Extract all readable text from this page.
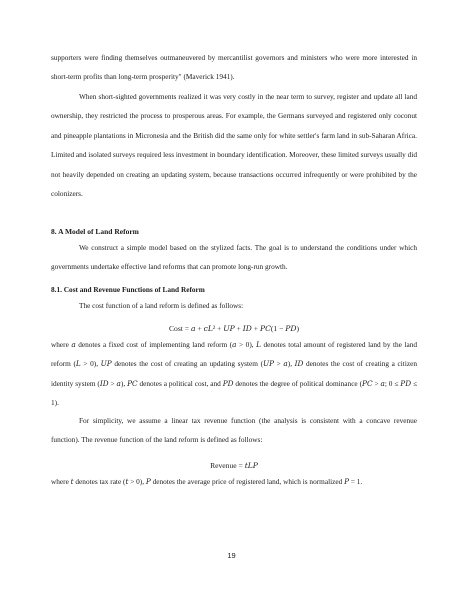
supporters were finding themselves outmaneuvered by mercantilist governors and ministers who were more interested in short-term profits than long-term prosperity" (Maverick 1941).

When short-sighted governments realized it was very costly in the near term to survey, register and update all land ownership, they restricted the process to prosperous areas. For example, the Germans surveyed and registered only coconut and pineapple plantations in Micronesia and the British did the same only for white settler's farm land in sub-Saharan Africa. Limited and isolated surveys required less investment in boundary identification. Moreover, these limited surveys usually did not heavily depended on creating an updating system, because transactions occurred infrequently or were prohibited by the colonizers.

8. A Model of Land Reform

We construct a simple model based on the stylized facts. The goal is to understand the conditions under which governments undertake effective land reforms that can promote long-run growth.

8.1. Cost and Revenue Functions of Land Reform

The cost function of a land reform is defined as follows:

Cost = 𝑎 + 𝑐𝐿² + 𝑈𝑃 + 𝐼𝐷 + 𝑃𝐶(1 − 𝑃𝐷)

where 𝑎 denotes a fixed cost of implementing land reform (𝑎 > 0), 𝐿 denotes total amount of registered land by the land reform (𝐿 > 0), 𝑈𝑃 denotes the cost of creating an updating system (𝑈𝑃 > 𝑎), 𝐼𝐷 denotes the cost of creating a citizen identity system (𝐼𝐷 > 𝑎), 𝑃𝐶 denotes a political cost, and 𝑃𝐷 denotes the degree of political dominance (𝑃𝐶 > 𝑎; 0 ≤ 𝑃𝐷 ≤ 1).

For simplicity, we assume a linear tax revenue function (the analysis is consistent with a concave revenue function). The revenue function of the land reform is defined as follows:

Revenue = 𝑡𝐿𝑃

where 𝑡 denotes tax rate (𝑡 > 0), 𝑃 denotes the average price of registered land, which is normalized 𝑃 = 1.

19
